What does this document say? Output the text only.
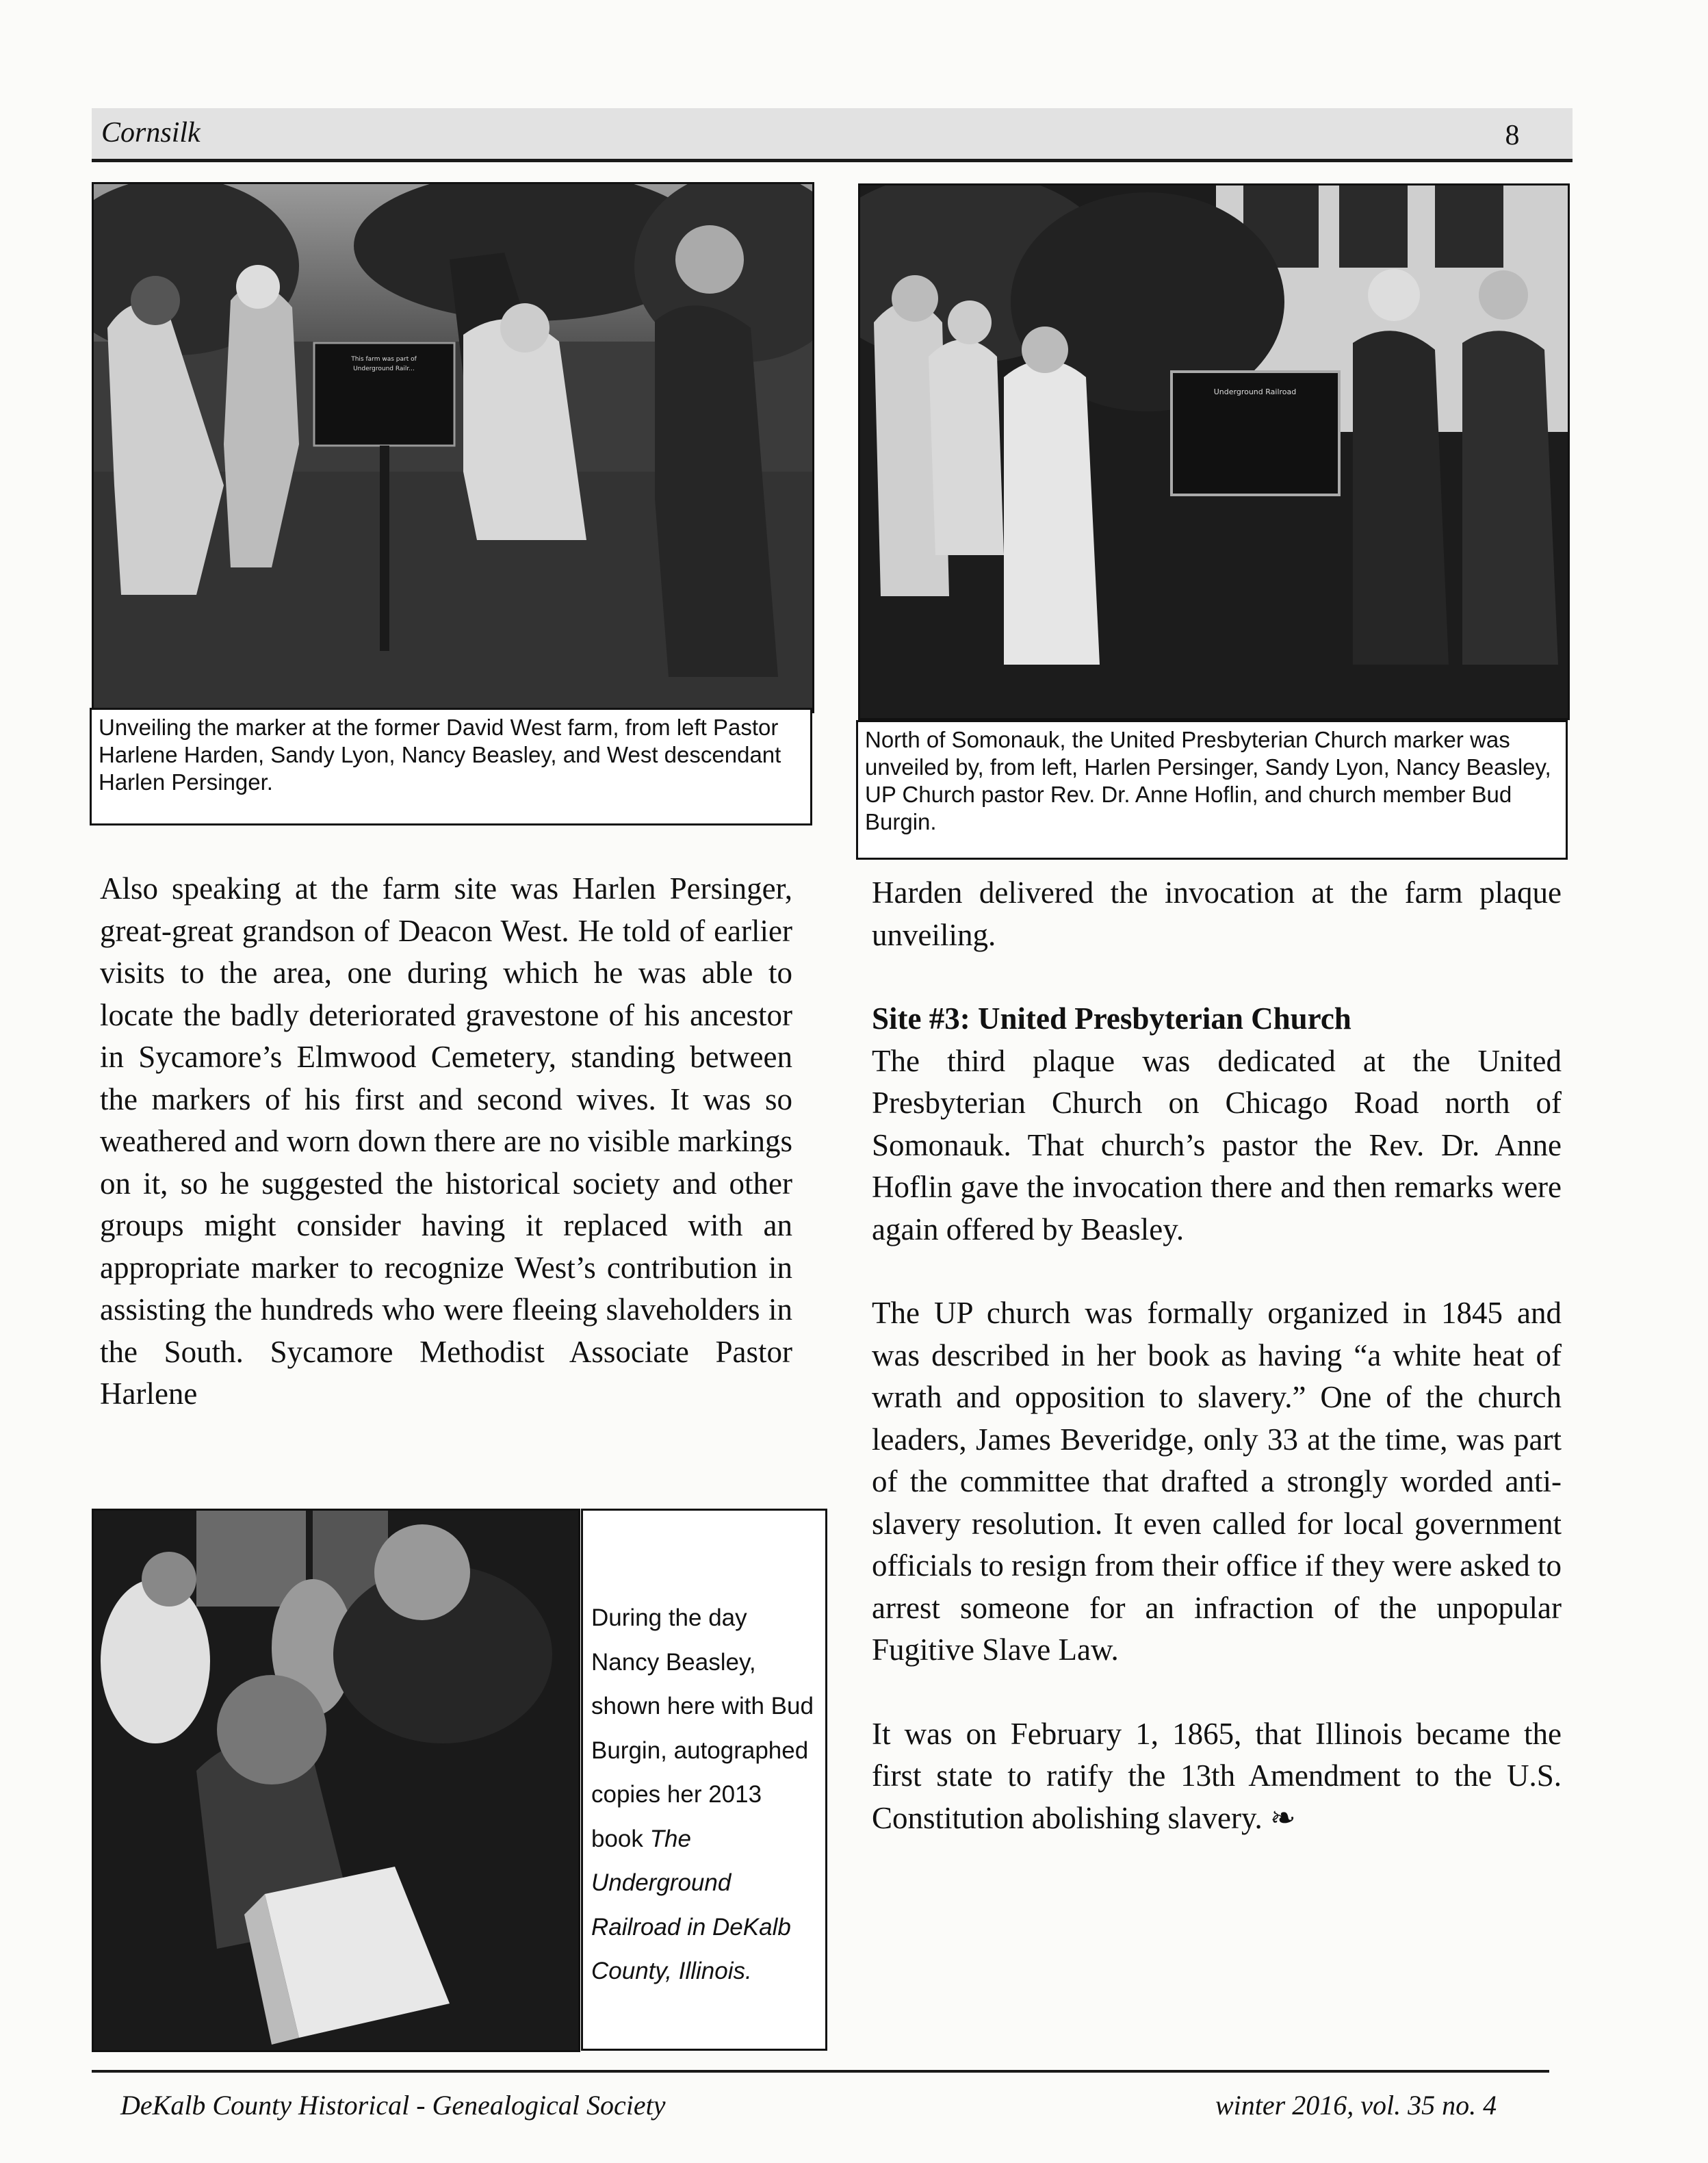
Cornsilk	8
This farm was part of
Underground Railr...
Unveiling the marker at the former David West farm, from left Pastor Harlene Harden, Sandy Lyon, Nancy Beasley, and West descendant Harlen Persinger.
Underground Railroad
North of Somonauk, the United Presbyterian Church marker was unveiled by, from left, Harlen Persinger, Sandy Lyon, Nancy Beasley, UP Church pastor Rev. Dr. Anne Hoflin, and church member Bud Burgin.

Also speaking at the farm site was Harlen Persinger, great-great grandson of Deacon West. He told of earlier visits to the area, one during which he was able to locate the badly deteriorated gravestone of his ancestor in Sycamore’s Elmwood Cemetery, standing between the markers of his first and second wives. It was so weathered and worn down there are no visible markings on it, so he suggested the historical society and other groups might consider having it replaced with an appropriate marker to recognize West’s contribution in assisting the hundreds who were fleeing slaveholders in the South. Sycamore Methodist Associate Pastor Harlene

During the day Nancy Beasley, shown here with Bud Burgin, autographed copies her 2013 book The Underground Railroad in DeKalb County, Illinois.

Harden delivered the invocation at the farm plaque unveiling.

Site #3: United Presbyterian Church

The third plaque was dedicated at the United Presbyterian Church on Chicago Road north of Somonauk. That church’s pastor the Rev. Dr. Anne Hoflin gave the invocation there and then remarks were again offered by Beasley.

The UP church was formally organized in 1845 and was described in her book as having “a white heat of wrath and opposition to slavery.” One of the church leaders, James Beveridge, only 33 at the time, was part of the committee that drafted a strongly worded anti-slavery resolution. It even called for local government officials to resign from their office if they were asked to arrest someone for an infraction of the unpopular Fugitive Slave Law.

It was on February 1, 1865, that Illinois became the first state to ratify the 13th Amendment to the U.S. Constitution abolishing slavery. ❧

DeKalb County Historical - Genealogical Society	winter 2016, vol. 35 no. 4
